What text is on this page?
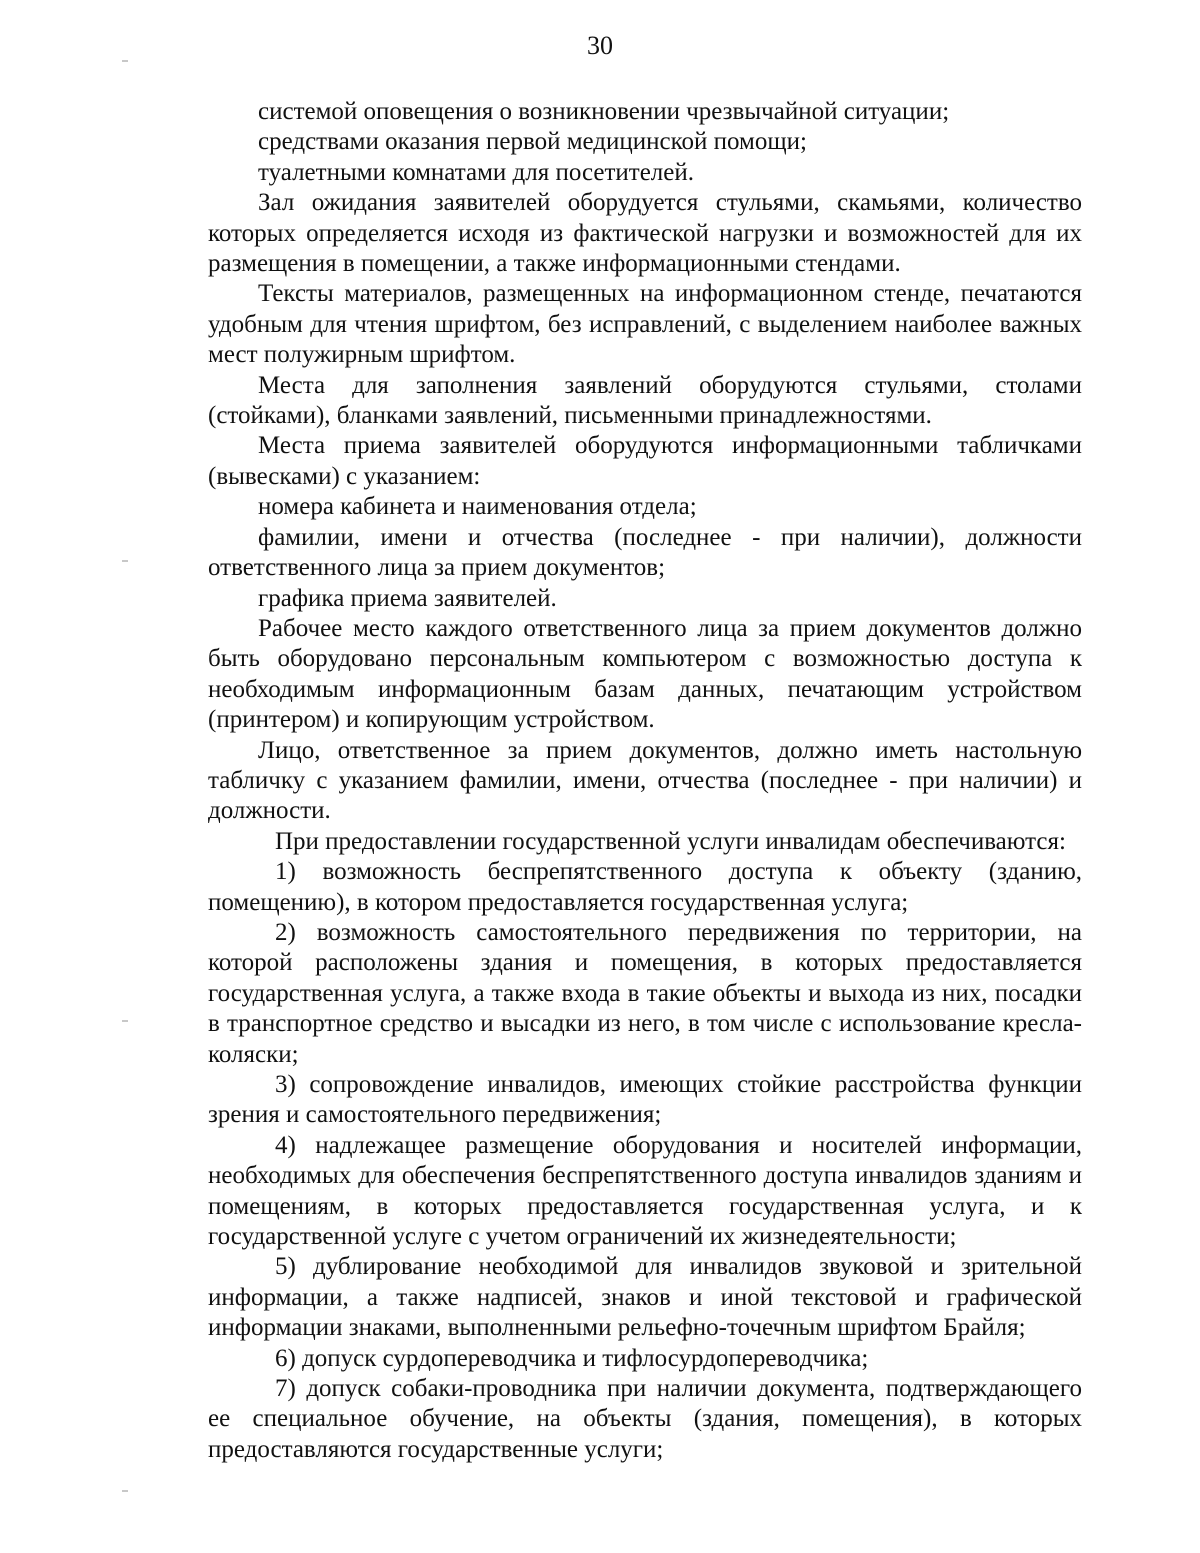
30

системой оповещения о возникновении чрезвычайной ситуации;

средствами оказания первой медицинской помощи;

туалетными комнатами для посетителей.

Зал ожидания заявителей оборудуется стульями, скамьями, количество которых определяется исходя из фактической нагрузки и возможностей для их размещения в помещении, а также информационными стендами.

Тексты материалов, размещенных на информационном стенде, печатаются удобным для чтения шрифтом, без исправлений, с выделением наиболее важных мест полужирным шрифтом.

Места для заполнения заявлений оборудуются стульями, столами (стойками), бланками заявлений, письменными принадлежностями.

Места приема заявителей оборудуются информационными табличками (вывесками) с указанием:

номера кабинета и наименования отдела;

фамилии, имени и отчества (последнее - при наличии), должности ответственного лица за прием документов;

графика приема заявителей.

Рабочее место каждого ответственного лица за прием документов должно быть оборудовано персональным компьютером с возможностью доступа к необходимым информационным базам данных, печатающим устройством (принтером) и копирующим устройством.

Лицо, ответственное за прием документов, должно иметь настольную табличку с указанием фамилии, имени, отчества (последнее - при наличии) и должности.

При предоставлении государственной услуги инвалидам обеспечиваются:

1) возможность беспрепятственного доступа к объекту (зданию, помещению), в котором предоставляется государственная услуга;

2) возможность самостоятельного передвижения по территории, на которой расположены здания и помещения, в которых предоставляется государственная услуга, а также входа в такие объекты и выхода из них, посадки в транспортное средство и высадки из него, в том числе с использование кресла-коляски;

3) сопровождение инвалидов, имеющих стойкие расстройства функции зрения и самостоятельного передвижения;

4) надлежащее размещение оборудования и носителей информации, необходимых для обеспечения беспрепятственного доступа инвалидов зданиям и помещениям, в которых предоставляется государственная услуга, и к государственной услуге с учетом ограничений их жизнедеятельности;

5) дублирование необходимой для инвалидов звуковой и зрительной информации, а также надписей, знаков и иной текстовой и графической информации знаками, выполненными рельефно-точечным шрифтом Брайля;

6) допуск сурдопереводчика и тифлосурдопереводчика;

7) допуск собаки-проводника при наличии документа, подтверждающего ее специальное обучение, на объекты (здания, помещения), в которых предоставляются государственные услуги;
